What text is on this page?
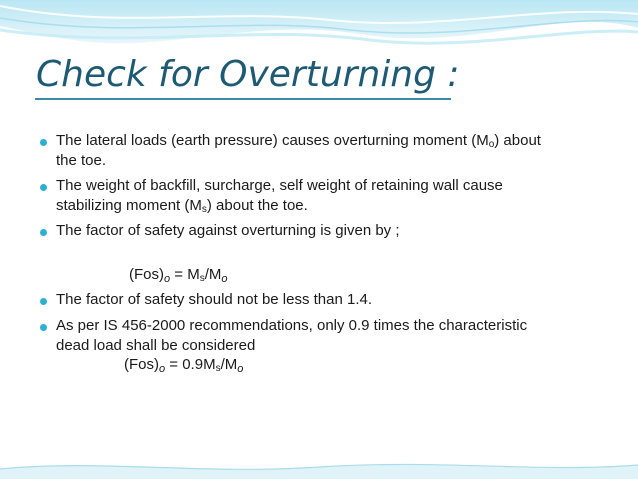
Check for Overturning :
The lateral loads (earth pressure) causes overturning moment (Mo) about
the toe.
The weight of backfill, surcharge, self weight of retaining wall cause
stabilizing moment (Ms) about the toe.
The factor of safety against overturning is given by ;
$(Fos)_o = Ms/M_o$
The factor of safety should not be less than 1.4.
As per IS 456-2000 recommendations, only 0.9 times the characteristic
dead load shall be considered
$(Fos)_o = 0.9Ms/M_o$
